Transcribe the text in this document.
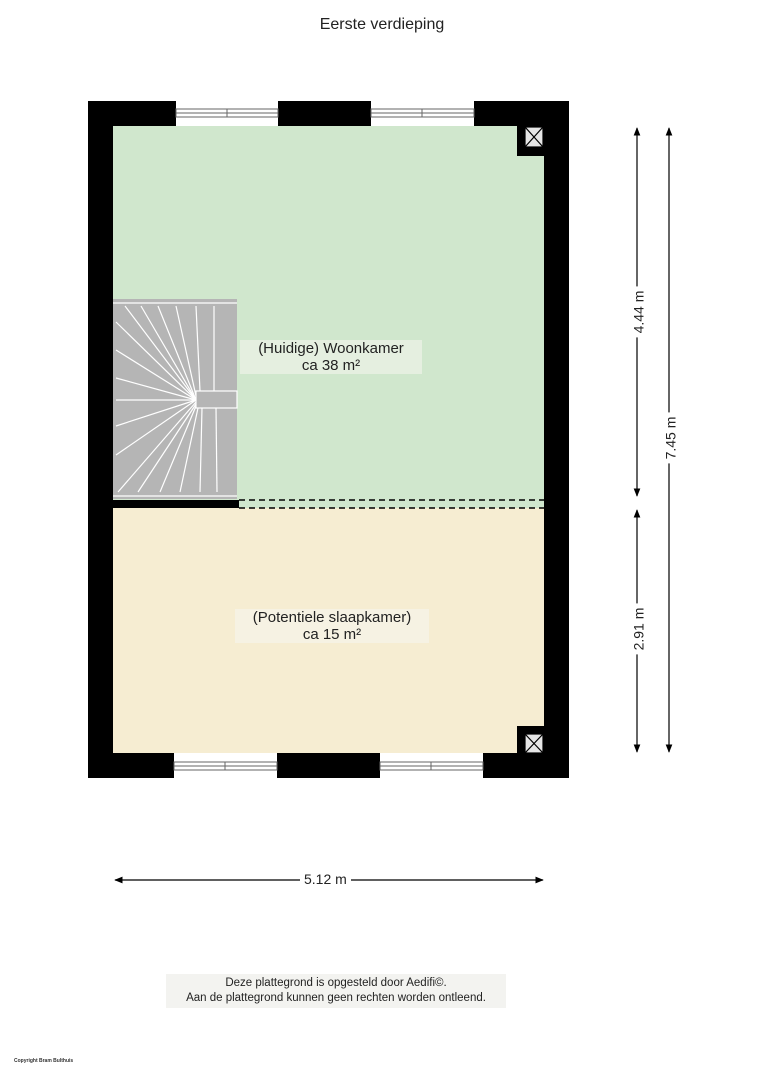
Eerste verdieping
(Huidige) Woonkamer
ca 38 m²
(Potentiele slaapkamer)
ca 15 m²
5.12 m
4.44 m
2.91 m
7.45 m
Deze plattegrond is opgesteld door Aedifi©.
Aan de plattegrond kunnen geen rechten worden ontleend.
Copyright Bram Bulthuis
